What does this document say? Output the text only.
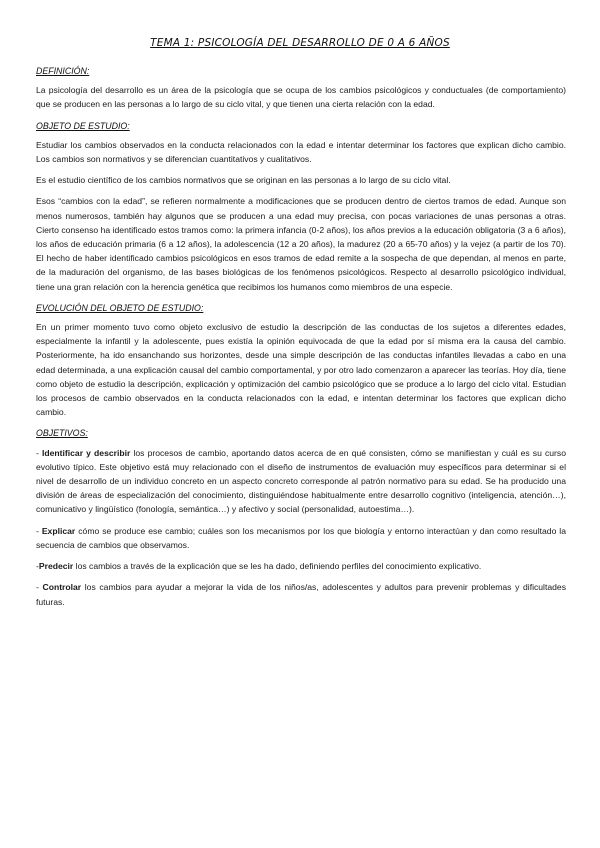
TEMA 1: PSICOLOGÍA DEL DESARROLLO DE 0 A 6 AÑOS
DEFINICIÓN:

La psicología del desarrollo es un área de la psicología que se ocupa de los cambios psicológicos y conductuales (de comportamiento) que se producen en las personas a lo largo de su ciclo vital, y que tienen una cierta relación con la edad.

OBJETO DE ESTUDIO:

Estudiar los cambios observados en la conducta relacionados con la edad e intentar determinar los factores que explican dicho cambio. Los cambios son normativos y se diferencian cuantitativos y cualitativos.

Es el estudio científico de los cambios normativos que se originan en las personas a lo largo de su ciclo vital.

Esos “cambios con la edad”, se refieren normalmente a modificaciones que se producen dentro de ciertos tramos de edad. Aunque son menos numerosos, también hay algunos que se producen a una edad muy precisa, con pocas variaciones de unas personas a otras. Cierto consenso ha identificado estos tramos como: la primera infancia (0-2 años), los años previos a la educación obligatoria (3 a 6 años), los años de educación primaria (6 a 12 años), la adolescencia (12 a 20 años), la madurez (20 a 65-70 años) y la vejez (a partir de los 70). El hecho de haber identificado cambios psicológicos en esos tramos de edad remite a la sospecha de que dependan, al menos en parte, de la maduración del organismo, de las bases biológicas de los fenómenos psicológicos. Respecto al desarrollo psicológico individual, tiene una gran relación con la herencia genética que recibimos los humanos como miembros de una especie.

EVOLUCIÓN DEL OBJETO DE ESTUDIO:

En un primer momento tuvo como objeto exclusivo de estudio la descripción de las conductas de los sujetos a diferentes edades, especialmente la infantil y la adolescente, pues existía la opinión equivocada de que la edad por sí misma era la causa del cambio. Posteriormente, ha ido ensanchando sus horizontes, desde una simple descripción de las conductas infantiles llevadas a cabo en una edad determinada, a una explicación causal del cambio comportamental, y por otro lado comenzaron a aparecer las teorías. Hoy día, tiene como objeto de estudio la descripción, explicación y optimización del cambio psicológico que se produce a lo largo del ciclo vital. Estudian los procesos de cambio observados en la conducta relacionados con la edad, e intentan determinar los factores que explican dicho cambio.

OBJETIVOS:

- Identificar y describir los procesos de cambio, aportando datos acerca de en qué consisten, cómo se manifiestan y cuál es su curso evolutivo típico. Este objetivo está muy relacionado con el diseño de instrumentos de evaluación muy específicos para determinar si el nivel de desarrollo de un individuo concreto en un aspecto concreto corresponde al patrón normativo para su edad. Se ha producido una división de áreas de especialización del conocimiento, distinguiéndose habitualmente entre desarrollo cognitivo (inteligencia, atención…), comunicativo y lingüístico (fonología, semántica…) y afectivo y social (personalidad, autoestima…).

- Explicar cómo se produce ese cambio; cuáles son los mecanismos por los que biología y entorno interactúan y dan como resultado la secuencia de cambios que observamos.

-Predecir los cambios a través de la explicación que se les ha dado, definiendo perfiles del conocimiento explicativo.

- Controlar los cambios para ayudar a mejorar la vida de los niños/as, adolescentes y adultos para prevenir problemas y dificultades futuras.
